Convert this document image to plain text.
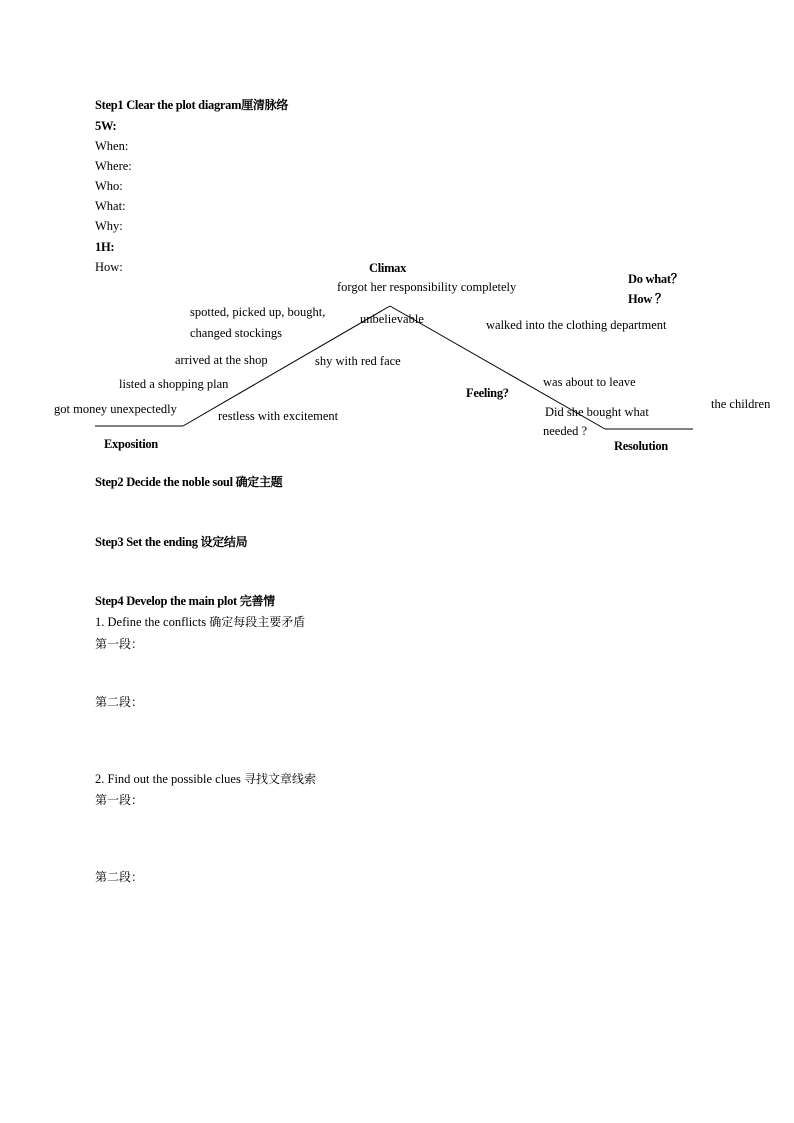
Step1 Clear the plot diagram厘清脉络
5W:
When:
Where:
Who:
What:
Why:
1H:
How:	Climax
forgot her responsibility completely
unbelievable
spotted, picked up, bought,
changed stockings
arrived at the shop
listed a shopping plan
got money unexpectedly	restless with excitement
shy with red face
Exposition
Do what？
How ？
walked into the clothing department
was about to leave
Feeling?
Did she bought what
needed ?
the children
Resolution
Step2 Decide the noble soul 确定主题
Step3 Set the ending 设定结局
Step4 Develop the main plot 完善情
1. Define the conflicts 确定每段主要矛盾
第一段：
第二段：
2. Find out the possible clues 寻找文章线索
第一段：
第二段：
